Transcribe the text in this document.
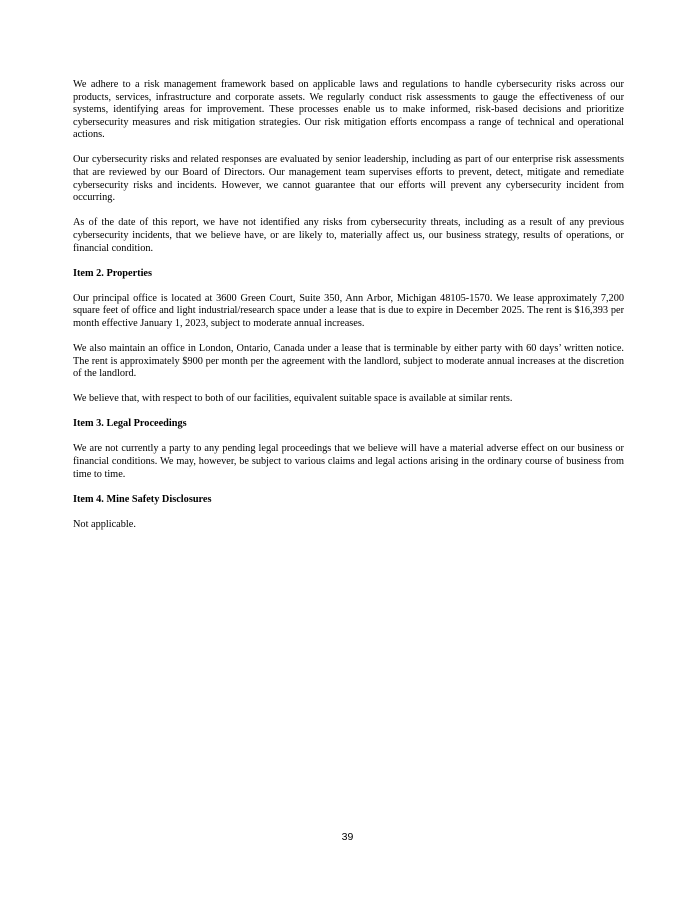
We adhere to a risk management framework based on applicable laws and regulations to handle cybersecurity risks across our products, services, infrastructure and corporate assets. We regularly conduct risk assessments to gauge the effectiveness of our systems, identifying areas for improvement. These processes enable us to make informed, risk-based decisions and prioritize cybersecurity measures and risk mitigation strategies. Our risk mitigation efforts encompass a range of technical and operational actions.

Our cybersecurity risks and related responses are evaluated by senior leadership, including as part of our enterprise risk assessments that are reviewed by our Board of Directors. Our management team supervises efforts to prevent, detect, mitigate and remediate cybersecurity risks and incidents. However, we cannot guarantee that our efforts will prevent any cybersecurity incident from occurring.

As of the date of this report, we have not identified any risks from cybersecurity threats, including as a result of any previous cybersecurity incidents, that we believe have, or are likely to, materially affect us, our business strategy, results of operations, or financial condition.

Item 2. Properties

Our principal office is located at 3600 Green Court, Suite 350, Ann Arbor, Michigan 48105-1570. We lease approximately 7,200 square feet of office and light industrial/research space under a lease that is due to expire in December 2025. The rent is $16,393 per month effective January 1, 2023, subject to moderate annual increases.

We also maintain an office in London, Ontario, Canada under a lease that is terminable by either party with 60 days’ written notice. The rent is approximately $900 per month per the agreement with the landlord, subject to moderate annual increases at the discretion of the landlord.

We believe that, with respect to both of our facilities, equivalent suitable space is available at similar rents.

Item 3. Legal Proceedings

We are not currently a party to any pending legal proceedings that we believe will have a material adverse effect on our business or financial conditions. We may, however, be subject to various claims and legal actions arising in the ordinary course of business from time to time.

Item 4. Mine Safety Disclosures

Not applicable.

39
